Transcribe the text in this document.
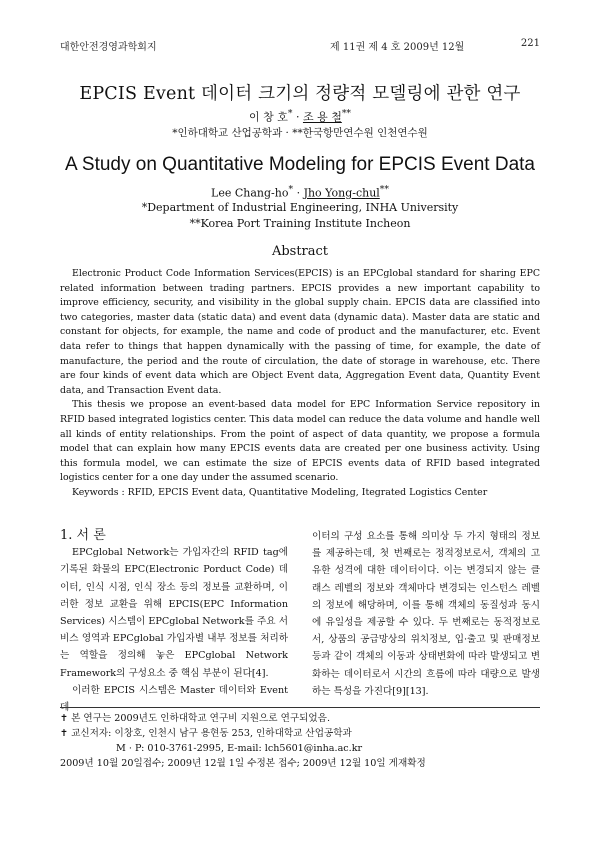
대한안전경영과학회지	제 11권 제 4 호 2009년 12월	221
EPCIS Event 데이터 크기의 정량적 모델링에 관한 연구
이 창 호* · 조 용 철**
*인하대학교 산업공학과 · **한국항만연수원 인천연수원
A Study on Quantitative Modeling for EPCIS Event Data
Lee Chang-ho* · Jho Yong-chul**
*Department of Industrial Engineering, INHA University
**Korea Port Training Institute Incheon
Abstract

Electronic Product Code Information Services(EPCIS) is an EPCglobal standard for sharing EPC related information between trading partners. EPCIS provides a new important capability to improve efficiency, security, and visibility in the global supply chain. EPCIS data are classified into two categories, master data (static data) and event data (dynamic data). Master data are static and constant for objects, for example, the name and code of product and the manufacturer, etc. Event data refer to things that happen dynamically with the passing of time, for example, the date of manufacture, the period and the route of circulation, the date of storage in warehouse, etc. There are four kinds of event data which are Object Event data, Aggregation Event data, Quantity Event data, and Transaction Event data.

This thesis we propose an event-based data model for EPC Information Service repository in RFID based integrated logistics center. This data model can reduce the data volume and handle well all kinds of entity relationships. From the point of aspect of data quantity, we propose a formula model that can explain how many EPCIS events data are created per one business activity. Using this formula model, we can estimate the size of EPCIS events data of RFID based integrated logistics center for a one day under the assumed scenario.

Keywords : RFID, EPCIS Event data, Quantitative Modeling, Itegrated Logistics Center

1. 서 론

EPCglobal Network는 가입자간의 RFID tag에 기록된 화물의 EPC(Electronic Porduct Code) 데이터, 인식 시점, 인식 장소 등의 정보를 교환하며, 이러한 정보 교환을 위해 EPCIS(EPC Information Services) 시스템이 EPCglobal Network를 주요 서비스 영역과 EPCglobal 가입자별 내부 정보를 처리하는 역할을 정의해 놓은 EPCglobal Network Framework의 구성요소 중 핵심 부분이 된다[4].

이러한 EPCIS 시스템은 Master 데이터와 Event 데

이터의 구성 요소를 통해 의미상 두 가지 형태의 정보를 제공하는데, 첫 번째로는 정적정보로서, 객체의 고유한 성격에 대한 데이터이다. 이는 변경되지 않는 클래스 레벨의 정보와 객체마다 변경되는 인스턴스 레벨의 정보에 해당하며, 이를 통해 객체의 동질성과 동시에 유일성을 제공할 수 있다. 두 번째로는 동적정보로서, 상품의 공급망상의 위치정보, 입·출고 및 판매정보 등과 같이 객체의 이동과 상태변화에 따라 발생되고 변화하는 데이터로서 시간의 흐름에 따라 대량으로 발생하는 특성을 가진다[9][13].

✝ 본 연구는 2009년도 인하대학교 연구비 지원으로 연구되었음.
✝ 교신저자: 이창호, 인천시 남구 용현동 253, 인하대학교 산업공학과
M · P: 010-3761-2995, E-mail: lch5601@inha.ac.kr
2009년 10월 20일접수; 2009년 12월 1일 수정본 접수; 2009년 12월 10일 게재확정
